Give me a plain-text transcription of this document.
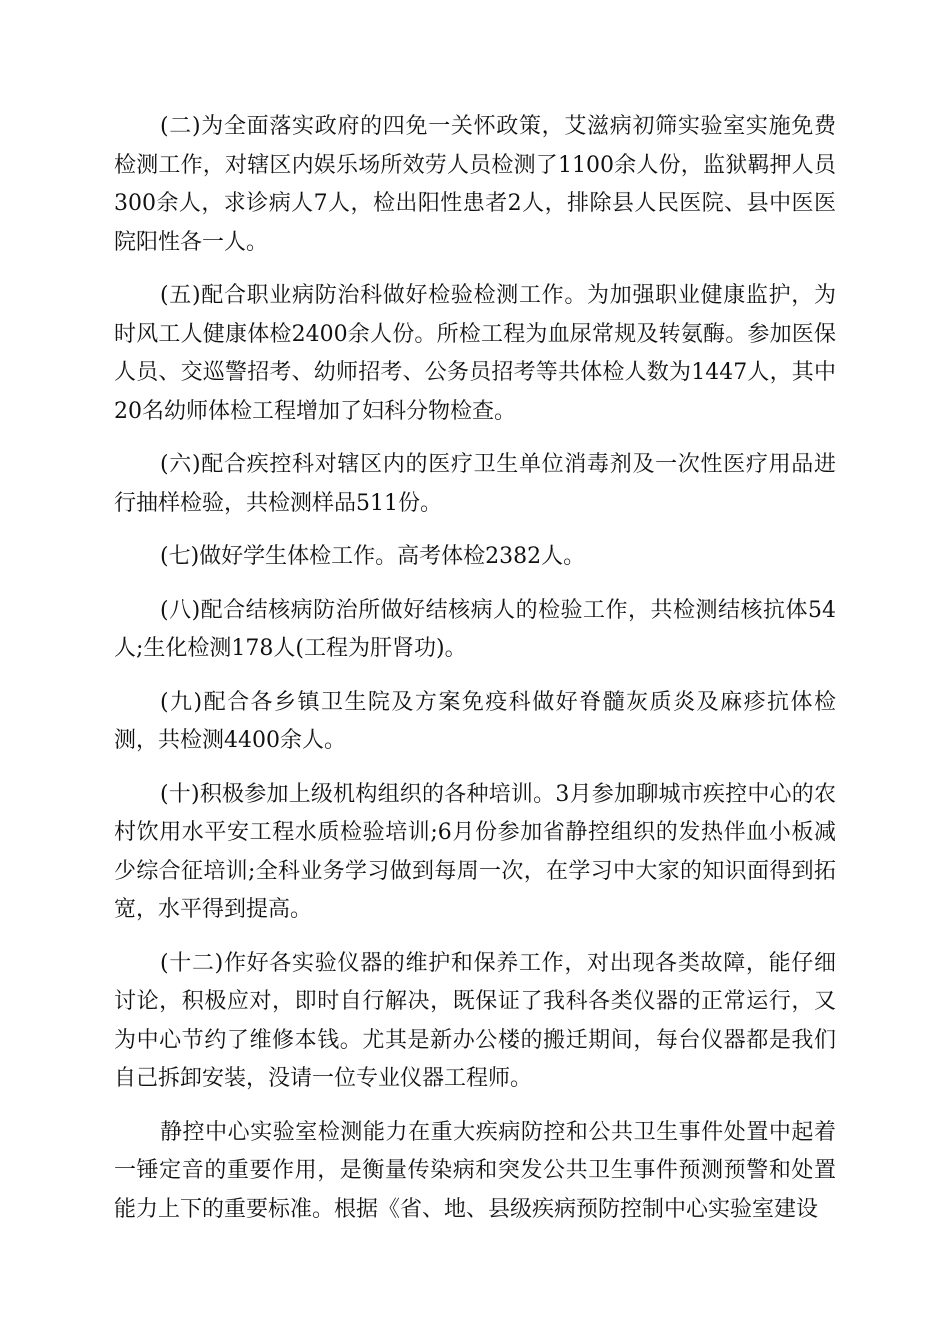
(二)为全面落实政府的四免一关怀政策，艾滋病初筛实验室实施免费检测工作，对辖区内娱乐场所效劳人员检测了1100余人份，监狱羁押人员300余人，求诊病人7人，检出阳性患者2人，排除县人民医院、县中医医院阳性各一人。

(五)配合职业病防治科做好检验检测工作。为加强职业健康监护，为时风工人健康体检2400余人份。所检工程为血尿常规及转氨酶。参加医保人员、交巡警招考、幼师招考、公务员招考等共体检人数为1447人，其中20名幼师体检工程增加了妇科分物检查。

(六)配合疾控科对辖区内的医疗卫生单位消毒剂及一次性医疗用品进行抽样检验，共检测样品511份。

(七)做好学生体检工作。高考体检2382人。

(八)配合结核病防治所做好结核病人的检验工作，共检测结核抗体54人;生化检测178人(工程为肝肾功)。

(九)配合各乡镇卫生院及方案免疫科做好脊髓灰质炎及麻疹抗体检测，共检测4400余人。

(十)积极参加上级机构组织的各种培训。3月参加聊城市疾控中心的农村饮用水平安工程水质检验培训;6月份参加省静控组织的发热伴血小板减少综合征培训;全科业务学习做到每周一次，在学习中大家的知识面得到拓宽，水平得到提高。

(十二)作好各实验仪器的维护和保养工作，对出现各类故障，能仔细讨论，积极应对，即时自行解决，既保证了我科各类仪器的正常运行，又为中心节约了维修本钱。尤其是新办公楼的搬迁期间，每台仪器都是我们自己拆卸安装，没请一位专业仪器工程师。

静控中心实验室检测能力在重大疾病防控和公共卫生事件处置中起着一锤定音的重要作用，是衡量传染病和突发公共卫生事件预测预警和处置能力上下的重要标准。根据《省、地、县级疾病预防控制中心实验室建设
